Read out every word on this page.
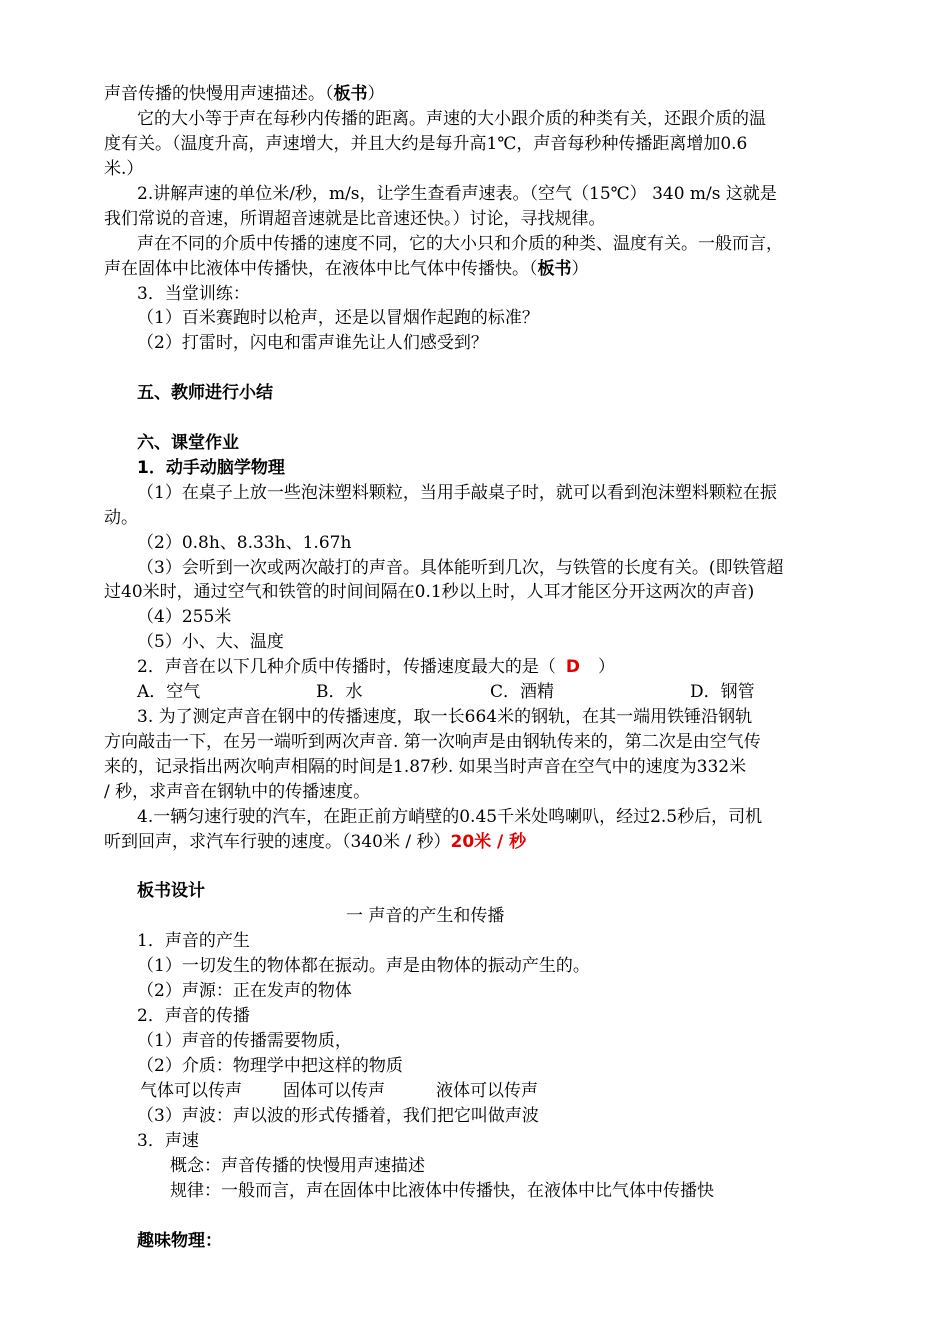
声音传播的快慢用声速描述。（板书）
它的大小等于声在每秒内传播的距离。声速的大小跟介质的种类有关，还跟介质的温
度有关。（温度升高，声速增大，并且大约是每升高1℃，声音每秒种传播距离增加0.6
米.）
2.讲解声速的单位米/秒，m/s，让学生查看声速表。（空气（15℃） 340 m/s 这就是
我们常说的音速，所谓超音速就是比音速还快。）讨论，寻找规律。
声在不同的介质中传播的速度不同，它的大小只和介质的种类、温度有关。一般而言，
声在固体中比液体中传播快，在液体中比气体中传播快。（板书）
3．当堂训练：
（1）百米赛跑时以枪声，还是以冒烟作起跑的标准？
（2）打雷时，闪电和雷声谁先让人们感受到？
五、教师进行小结
六、课堂作业
1．动手动脑学物理
（1）在桌子上放一些泡沫塑料颗粒，当用手敲桌子时，就可以看到泡沫塑料颗粒在振
动。
（2）0.8h、8.33h、1.67h
（3）会听到一次或两次敲打的声音。具体能听到几次，与铁管的长度有关。(即铁管超
过40米时，通过空气和铁管的时间间隔在0.1秒以上时，人耳才能区分开这两次的声音)
（4）255米
（5）小、大、温度
2．声音在以下几种介质中传播时，传播速度最大的是（ D ）
A．空气	B．水	C．酒精	D．钢管
3. 为了测定声音在钢中的传播速度，取一长664米的钢轨，在其一端用铁锤沿钢轨
方向敲击一下，在另一端听到两次声音. 第一次响声是由钢轨传来的，第二次是由空气传
来的，记录指出两次响声相隔的时间是1.87秒. 如果当时声音在空气中的速度为332米
/ 秒，求声音在钢轨中的传播速度。
4.一辆匀速行驶的汽车，在距正前方峭壁的0.45千米处鸣喇叭，经过2.5秒后，司机
听到回声，求汽车行驶的速度。（340米 / 秒）20米 / 秒
板书设计
一 声音的产生和传播
1．声音的产生
（1）一切发生的物体都在振动。声是由物体的振动产生的。
（2）声源：正在发声的物体
2．声音的传播
（1）声音的传播需要物质，
（2）介质：物理学中把这样的物质
气体可以传声 固体可以传声	液体可以传声
（3）声波：声以波的形式传播着，我们把它叫做声波
3．声速
概念：声音传播的快慢用声速描述
规律：一般而言，声在固体中比液体中传播快，在液体中比气体中传播快
趣味物理：
